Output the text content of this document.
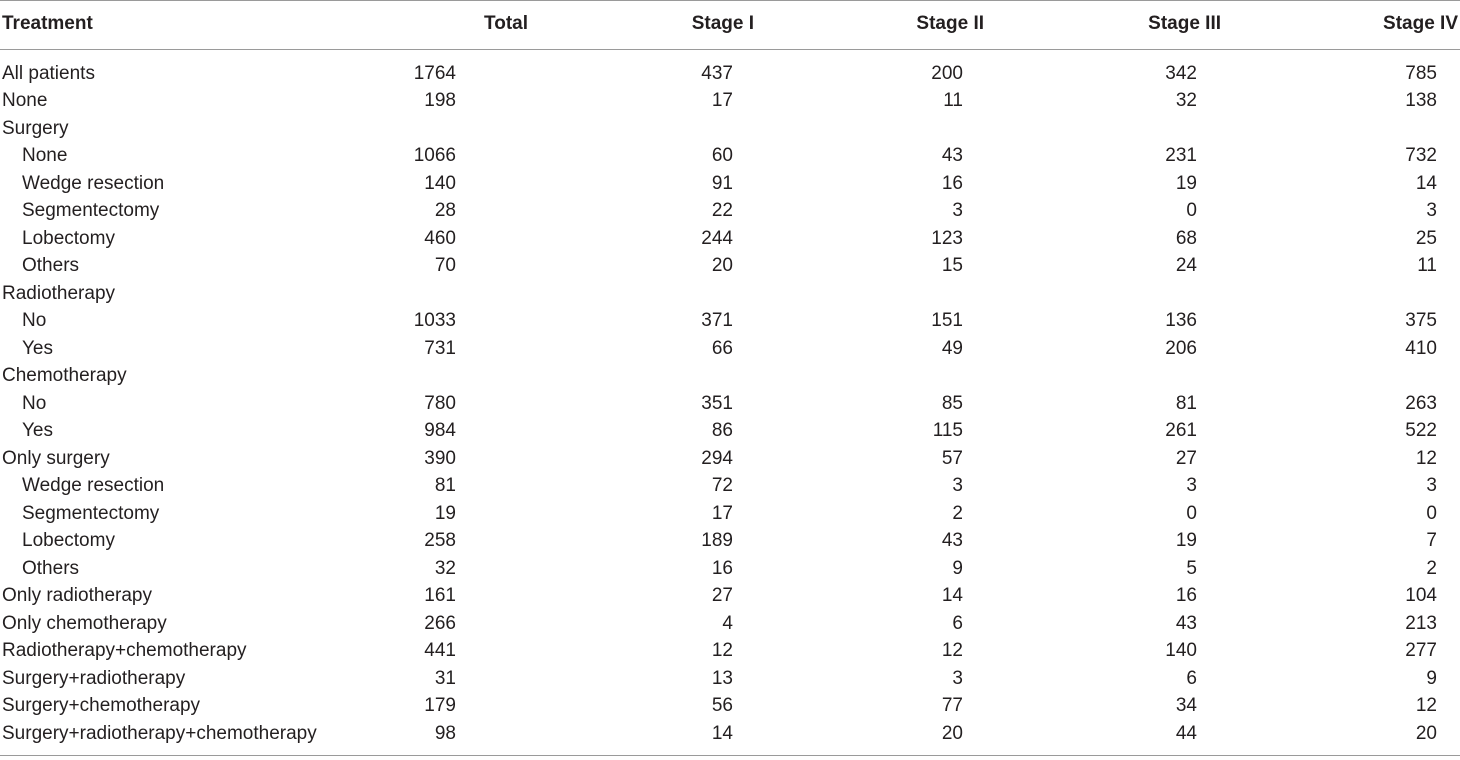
Treatment	Total	Stage I	Stage II	Stage III	Stage IV
All patients	1764	437	200	342	785
None	198	17	11	32	138
Surgery					
None	1066	60	43	231	732
Wedge resection	140	91	16	19	14
Segmentectomy	28	22	3	0	3
Lobectomy	460	244	123	68	25
Others	70	20	15	24	11
Radiotherapy					
No	1033	371	151	136	375
Yes	731	66	49	206	410
Chemotherapy					
No	780	351	85	81	263
Yes	984	86	115	261	522
Only surgery	390	294	57	27	12
Wedge resection	81	72	3	3	3
Segmentectomy	19	17	2	0	0
Lobectomy	258	189	43	19	7
Others	32	16	9	5	2
Only radiotherapy	161	27	14	16	104
Only chemotherapy	266	4	6	43	213
Radiotherapy+chemotherapy	441	12	12	140	277
Surgery+radiotherapy	31	13	3	6	9
Surgery+chemotherapy	179	56	77	34	12
Surgery+radiotherapy+chemotherapy	98	14	20	44	20
